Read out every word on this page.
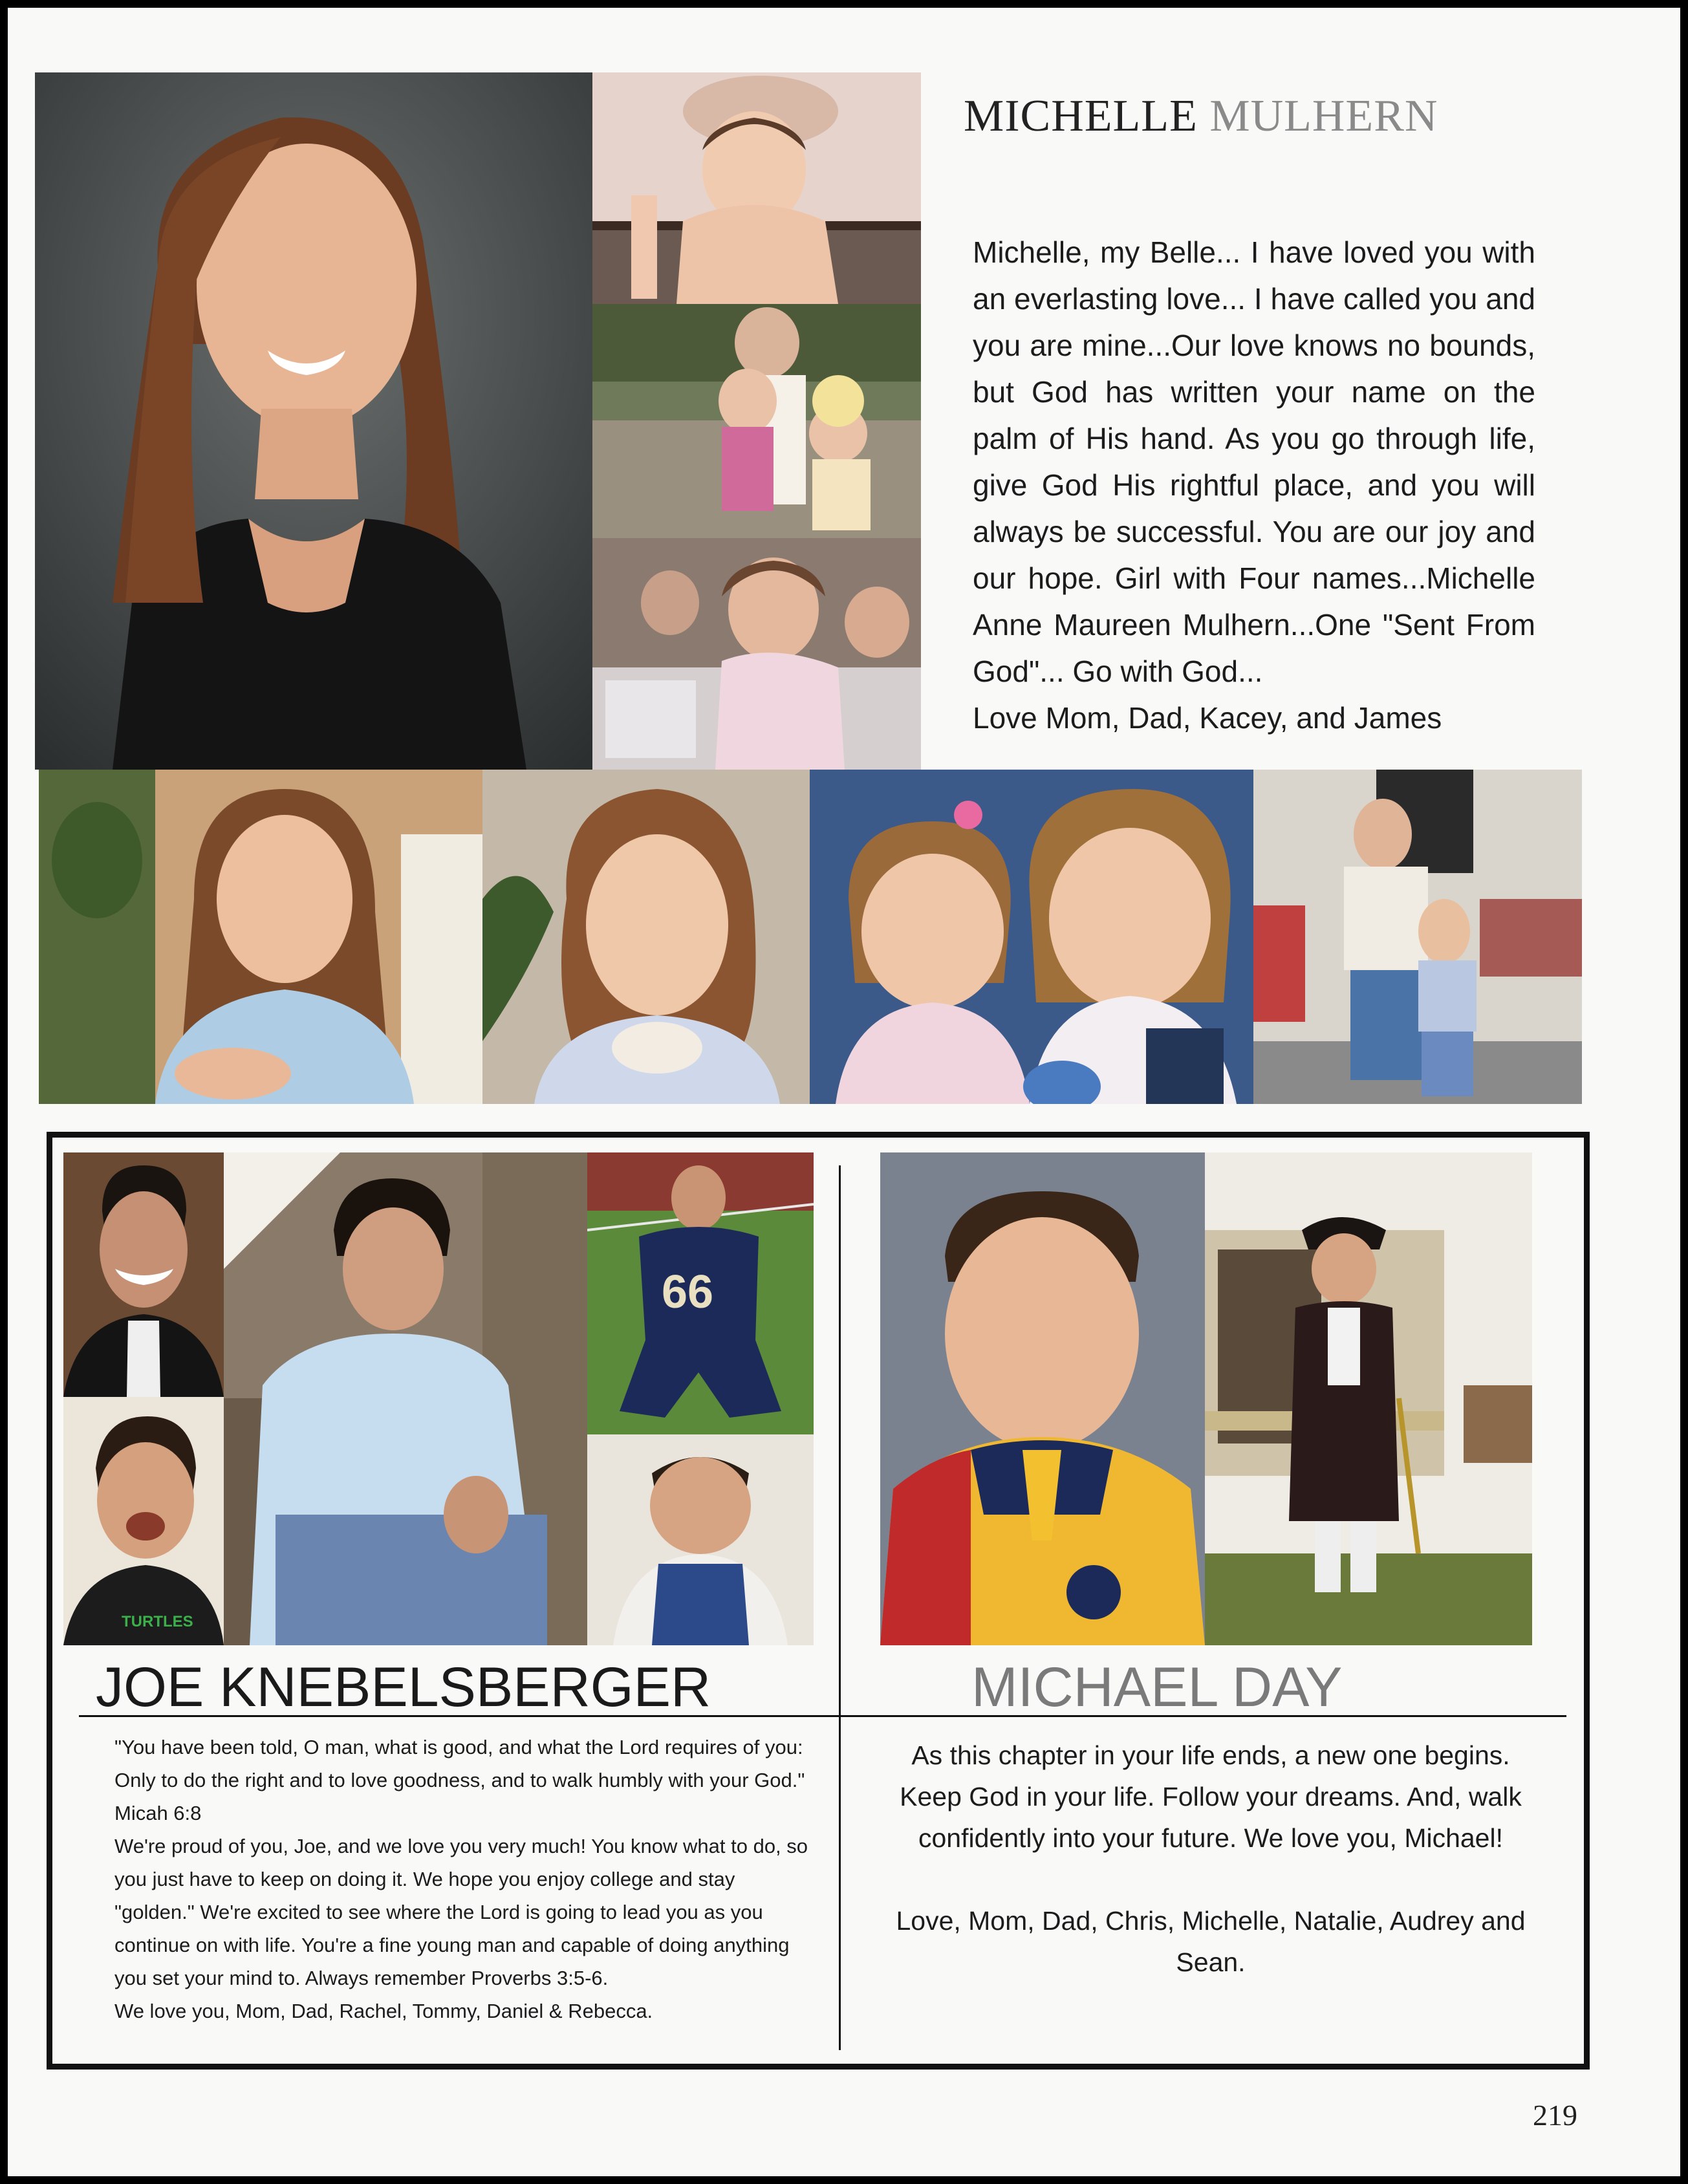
MICHELLE MULHERN

Michelle, my Belle... I have loved you with an everlasting love... I have called you and you are mine...Our love knows no bounds, but God has written your name on the palm of His hand. As you go through life, give God His rightful place, and you will always be successful. You are our joy and our hope. Girl with Four names...Michelle Anne Maureen Mulhern...One "Sent From God"... Go with God...

Love Mom, Dad, Kacey, and James

TURTLES
66
JOE KNEBELSBERGER	MICHAEL DAY

"You have been told, O man, what is good, and what the Lord requires of you: Only to do the right and to love goodness, and to walk humbly with your God." Micah 6:8

We're proud of you, Joe, and we love you very much! You know what to do, so you just have to keep on doing it. We hope you enjoy college and stay "golden." We're excited to see where the Lord is going to lead you as you continue on with life. You're a fine young man and capable of doing anything you set your mind to. Always remember Proverbs 3:5-6.

We love you, Mom, Dad, Rachel, Tommy, Daniel & Rebecca.

As this chapter in your life ends, a new one begins. Keep God in your life. Follow your dreams. And, walk confidently into your future. We love you, Michael!

Love, Mom, Dad, Chris, Michelle, Natalie, Audrey and Sean.

219
